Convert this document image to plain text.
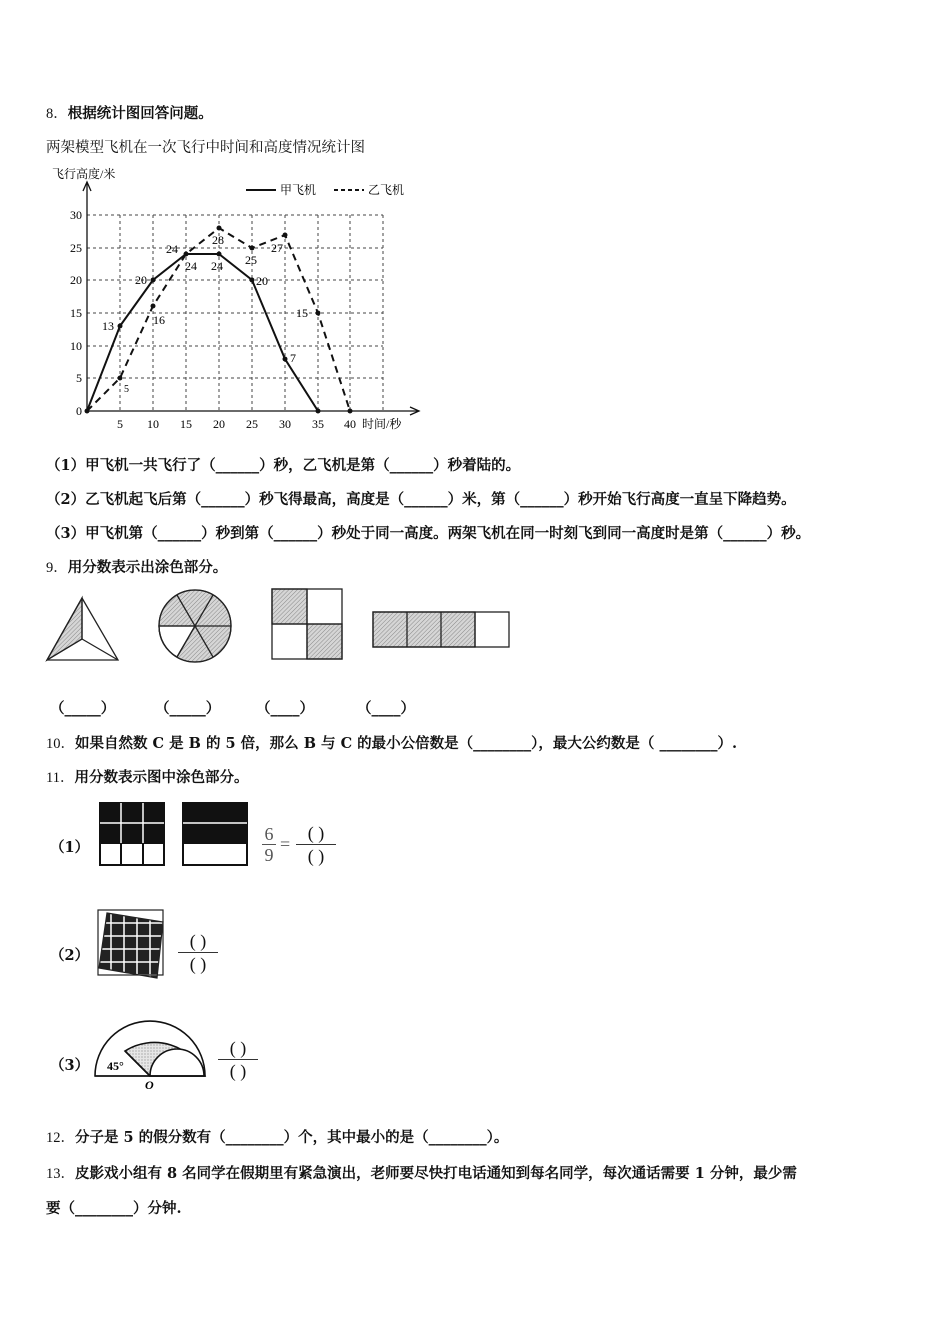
8．根据统计图回答问题。
两架模型飞机在一次飞行中时间和高度情况统计图
飞行高度/米
时间/秒
0
5
10
15
20
25
30
5 10 15 20 25 30 35 40
甲飞机	乙飞机
13
20
24
24
20
7
5
16
24
28
25
27
15
（1）甲飞机一共飞行了（______）秒，乙飞机是第（______）秒着陆的。
（2）乙飞机起飞后第（______）秒飞得最高，高度是（______）米，第（______）秒开始飞行高度一直呈下降趋势。
（3）甲飞机第（______）秒到第（______）秒处于同一高度。两架飞机在同一时刻飞到同一高度时是第（______）秒。
9．用分数表示出涂色部分。
（_____）	（_____） （____）	（____）
10．如果自然数 C 是 B 的 5 倍，那么 B 与 C 的最小公倍数是（________），最大公约数是（ ________）.
11．用分数表示图中涂色部分。
（1）	$\frac{6}{9}$ =
( )
( )
（2）
( )
( )
（3） 45°
O
( )
( )
12．分子是 5 的假分数有（________）个，其中最小的是（________）。
13．皮影戏小组有 8 名同学在假期里有紧急演出，老师要尽快打电话通知到每名同学，每次通话需要 1 分钟，最少需
要（________）分钟.
